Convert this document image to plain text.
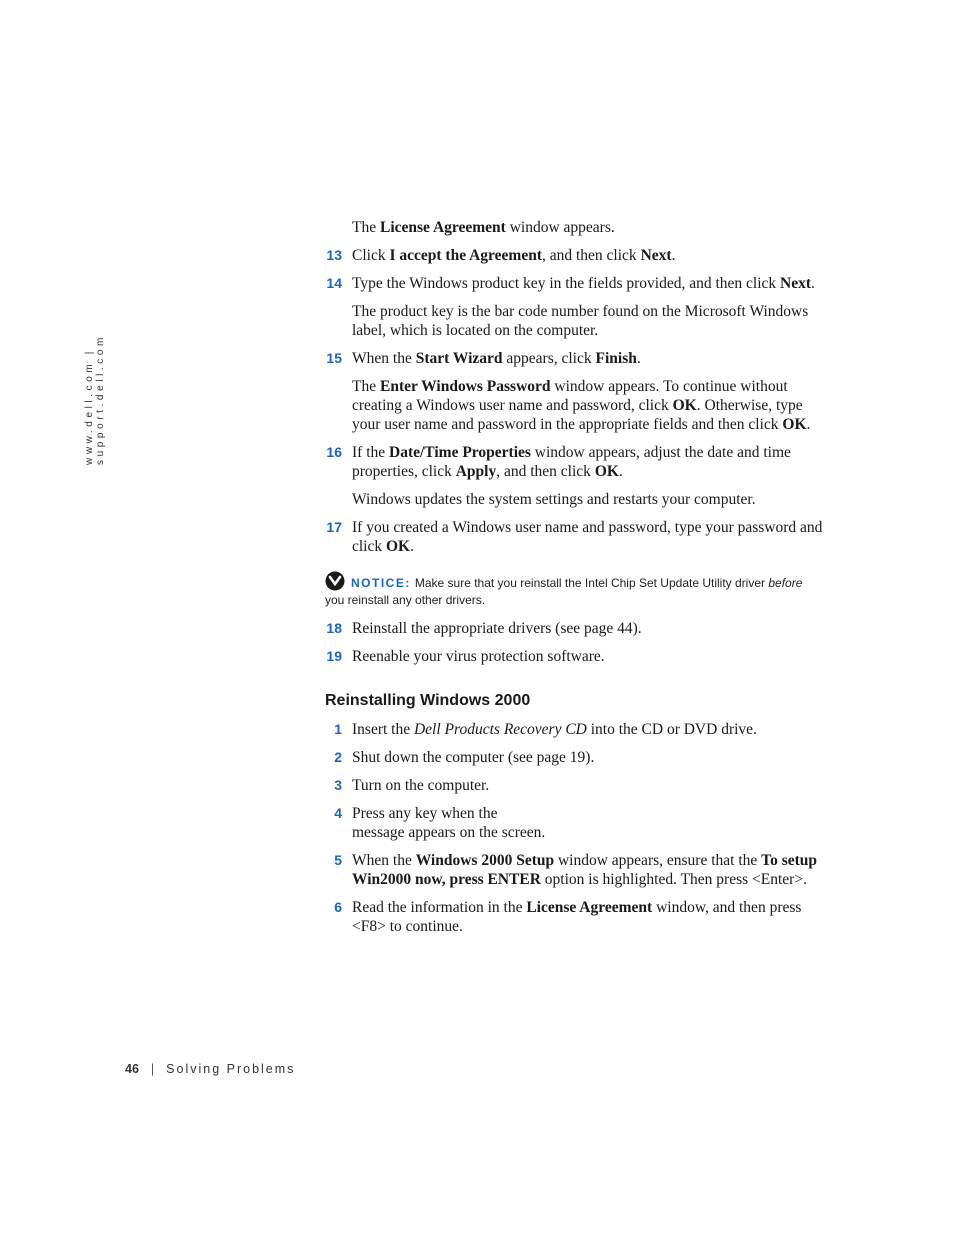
www.dell.com | support.dell.com

The License Agreement window appears.

13 Click I accept the Agreement, and then click Next.
14 Type the Windows product key in the fields provided, and then click Next.

The product key is the bar code number found on the Microsoft Windows label, which is located on the computer.

15 When the Start Wizard appears, click Finish.

The Enter Windows Password window appears. To continue without creating a Windows user name and password, click OK. Otherwise, type your user name and password in the appropriate fields and then click OK.

16 If the Date/Time Properties window appears, adjust the date and time properties, click Apply, and then click OK.

Windows updates the system settings and restarts your computer.

17 If you created a Windows user name and password, type your password and click OK.
NOTICE: Make sure that you reinstall the Intel Chip Set Update Utility driver before you reinstall any other drivers.
18 Reinstall the appropriate drivers (see page 44).
19 Reenable your virus protection software.
Reinstalling Windows 2000
1 Insert the Dell Products Recovery CD into the CD or DVD drive.
2 Shut down the computer (see page 19).
3 Turn on the computer.
4 Press any key when the
message appears on the screen.
5 When the Windows 2000 Setup window appears, ensure that the To setup Win2000 now, press ENTER option is highlighted. Then press <Enter>.
6 Read the information in the License Agreement window, and then press <F8> to continue.
46 | Solving Problems
